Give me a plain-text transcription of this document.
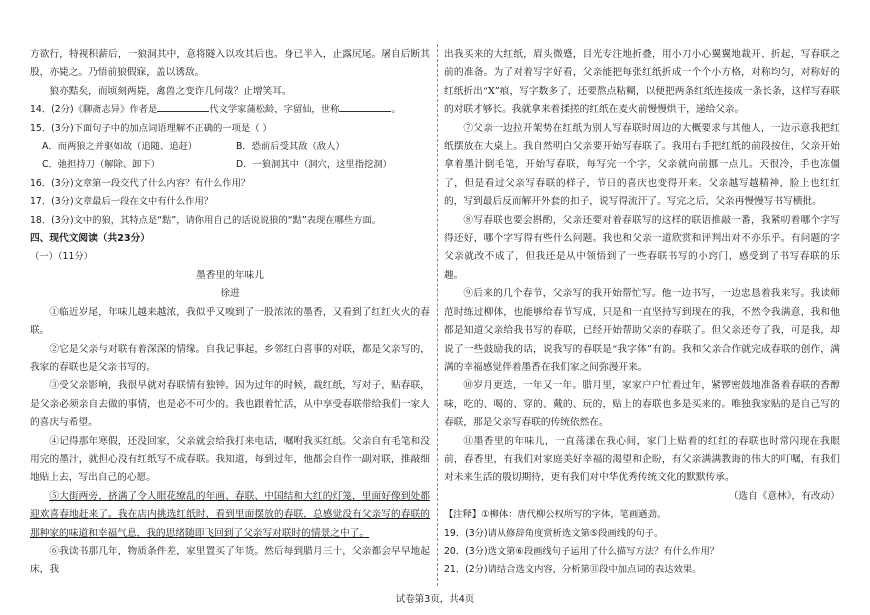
方欲行，特视积薪后，一狼洞其中，意将隧入以攻其后也。身已半入，止露尻尾。屠自后断其股，亦毙之。乃悟前狼假寐，盖以诱敌。

狼亦黠矣，而顷刻两毙，禽兽之变诈几何哉？止增笑耳。

14．(2分)《聊斋志异》作者是	代文学家蒲松龄，字留仙，世称	。

15．(3分)下面句子中的加点词语理解不正确的一项是（ ）

A．而两狼之并驱如故（追随、追赶）	B．恐前后受其敌（敌人）
C．弛担持刀（解除、卸下）	D．一狼洞其中（洞穴，这里指挖洞）

16．(3分)文章第一段交代了什么内容？有什么作用？

17．(3分)文章最后一段在文中有什么作用？

18．(3分)文中的狼，其特点是“黠”，请你用自己的话说说狼的“黠”表现在哪些方面。

四、现代文阅读（共23分）

（一）（11分）

墨香里的年味儿

徐进

①临近岁尾，年味儿越来越浓，我似乎又嗅到了一股浓浓的墨香，又看到了红红火火的春联。

②它是父亲与对联有着深深的情缘。自我记事起，乡邻红白喜事的对联，都是父亲写的，我家的春联也是父亲书写的。

③受父亲影响，我很早就对春联情有独钟。因为过年的时候，裁红纸，写对子，贴春联，是父亲必须亲自去做的事情，也是必不可少的。我也跟着忙活，从中享受春联带给我们一家人的喜庆与希望。

④记得那年寒假，还没回家，父亲就会给我打来电话，嘱咐我买红纸。父亲自有毛笔和没用完的墨汁，就担心没有红纸写不成春联。我知道，每到过年，他都会自作一副对联，推敲细地贴上去，写出自己的心愿。

⑤大街两旁，挤满了令人眼花缭乱的年画、春联、中国结和大红的灯笼，里面好像到处都迎欢喜春地赶来了。我在店内挑选红纸时，看到里面摆放的春联，总感觉没有父亲写的春联的那种家的味道和幸福气息，我的思绪随即飞回到了父亲写对联时的情景之中了。

⑥我读书那几年，物质条件差，家里置买了年货。然后每到腊月三十，父亲都会早早地起床，我

出我买来的大红纸，眉头微蹙，目光专注地折叠，用小刀小心翼翼地裁开、折起，写春联之前的准备。为了对着写字好看，父亲能把每张红纸折成一个个小方格，对称均匀，对称好的红纸折出“X”痕，写字数多了，还要熬点粘糊，以便把两条红纸连接成一条长条，这样写春联的对联才够长。我就拿来着揉搓的红纸在麦火前慢慢烘干，递给父亲。

⑦父亲一边拉开架势在红纸为别人写春联时周边的大概要求与其他人，一边示意我把红纸摆放在大桌上。我自然明白父亲要开始写春联了。我用右手把红纸的前段按住，父亲开始拿着墨汁倒毛笔，开始写春联，每写完一个字，父亲就向前挪一点儿。天很冷，手也冻僵了，但是看过父亲写春联的样子，节日的喜庆也变得开来。父亲越写越精神，脸上也红红的，写到最后反而解开外套的扣子，说写得流汗了。写完之后，父亲再慢慢写书写横批。

⑧写春联也要会斟酌，父亲还要对着春联写的这样的联语推敲一番，我紧叨着哪个字写得还好，哪个字写得有些什么问题。我也和父亲一道欣赏和评判出对不亦乐乎。有问题的字父亲就改不成了，但我还是从中领悟到了一些春联书写的小窍门，感受到了书写春联的乐趣。

⑨后来的几个春节，父亲写的我开始帮忙写。他一边书写，一边忠恳着我来写。我读师范时练过柳体，也能够给春节写成，只是和一直坚持写到现在的我，不然令我满意，我和他都是知道父亲给我书写的春联，已经开始帮助父亲的春联了。但父亲还夸了我，可是我，却说了一些鼓励我的话，说我写的春联是“我字体”有韵。我和父亲合作就完成春联的创作，满满的幸福感觉伴着墨香在我们家之间弥漫开来。

⑩岁月更迭，一年又一年。腊月里，家家户户忙着过年，紧锣密鼓地准备着春联的香醇味，吃的、喝的、穿的、戴的、玩的，贴上的春联也多是买来的。唯独我家贴的是自己写的春联，那是父亲写春联的传统依然在。

⑪墨香里的年味儿，一直荡漾在我心间，家门上贴着的红红的春联也时常闪现在我眼前，春香里，有我们对家庭美好幸福的渴望和企盼，有父亲满满教诲的伟大的叮嘱，有我们对未来生活的殷切期待，更有我们对中华优秀传统文化的默默传承。

（选自《意林》，有改动）

【注释】①柳体：唐代柳公权所写的字体，笔画遒劲。

19．(3分)请从修辞角度赏析选文第⑤段画线的句子。

20．(3分)选文第⑥段画线句子运用了什么描写方法？有什么作用？

21．(2分)请结合选文内容，分析第⑪段中加点词的表达效果。

试卷第3页，共4页
